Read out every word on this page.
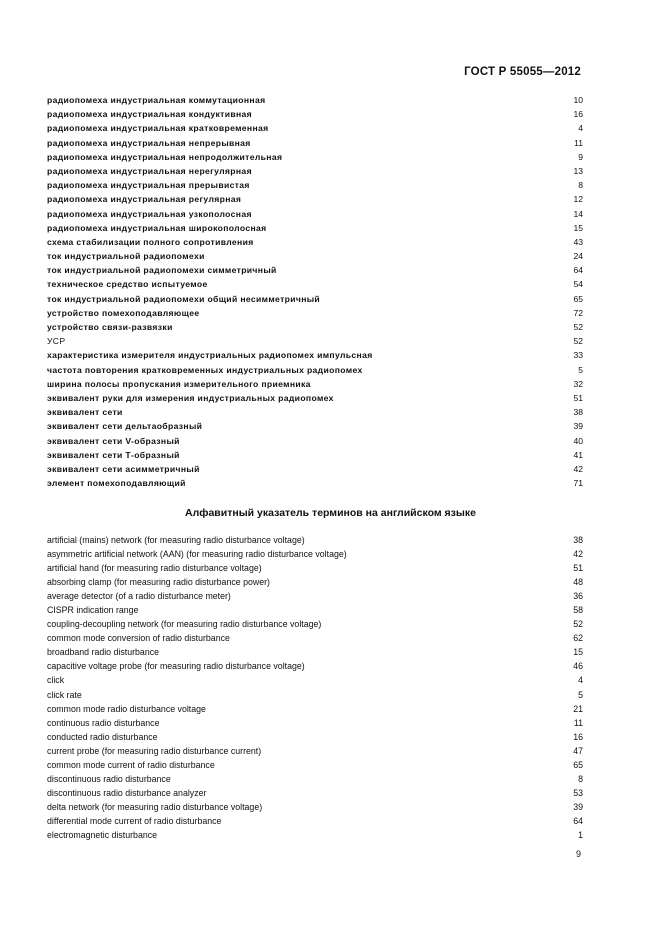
ГОСТ Р 55055—2012
радиопомеха индустриальная коммутационная	10
радиопомеха индустриальная кондуктивная	16
радиопомеха индустриальная кратковременная	4
радиопомеха индустриальная непрерывная	11
радиопомеха индустриальная непродолжительная	9
радиопомеха индустриальная нерегулярная	13
радиопомеха индустриальная прерывистая	8
радиопомеха индустриальная регулярная	12
радиопомеха индустриальная узкополосная	14
радиопомеха индустриальная широкополосная	15
схема стабилизации полного сопротивления	43
ток индустриальной радиопомехи	24
ток индустриальной радиопомехи симметричный	64
техническое средство испытуемое	54
ток индустриальной радиопомехи общий несимметричный	65
устройство помехоподавляющее	72
устройство связи-развязки	52
УСР	52
характеристика измерителя индустриальных радиопомех импульсная	33
частота повторения кратковременных индустриальных радиопомех	5
ширина полосы пропускания измерительного приемника	32
эквивалент руки для измерения индустриальных радиопомех	51
эквивалент сети	38
эквивалент сети дельтаобразный	39
эквивалент сети V-образный	40
эквивалент сети Т-образный	41
эквивалент сети асимметричный	42
элемент помехоподавляющий	71
Алфавитный указатель терминов на английском языке
artificial (mains) network (for measuring radio disturbance voltage)	38
asymmetric artificial network (AAN) (for measuring radio disturbance voltage)	42
artificial hand (for measuring radio disturbance voltage)	51
absorbing clamp (for measuring radio disturbance power)	48
average detector (of a radio disturbance meter)	36
CISPR indication range	58
coupling-decoupling network (for measuring radio disturbance voltage)	52
common mode conversion of radio disturbance	62
broadband radio disturbance	15
capacitive voltage probe (for measuring radio disturbance voltage)	46
click	4
click rate	5
common mode radio disturbance voltage	21
continuous radio disturbance	11
conducted radio disturbance	16
current probe (for measuring radio disturbance current)	47
common mode current of radio disturbance	65
discontinuous radio disturbance	8
discontinuous radio disturbance analyzer	53
delta network (for measuring radio disturbance voltage)	39
differential mode current of radio disturbance	64
electromagnetic disturbance	1
9
